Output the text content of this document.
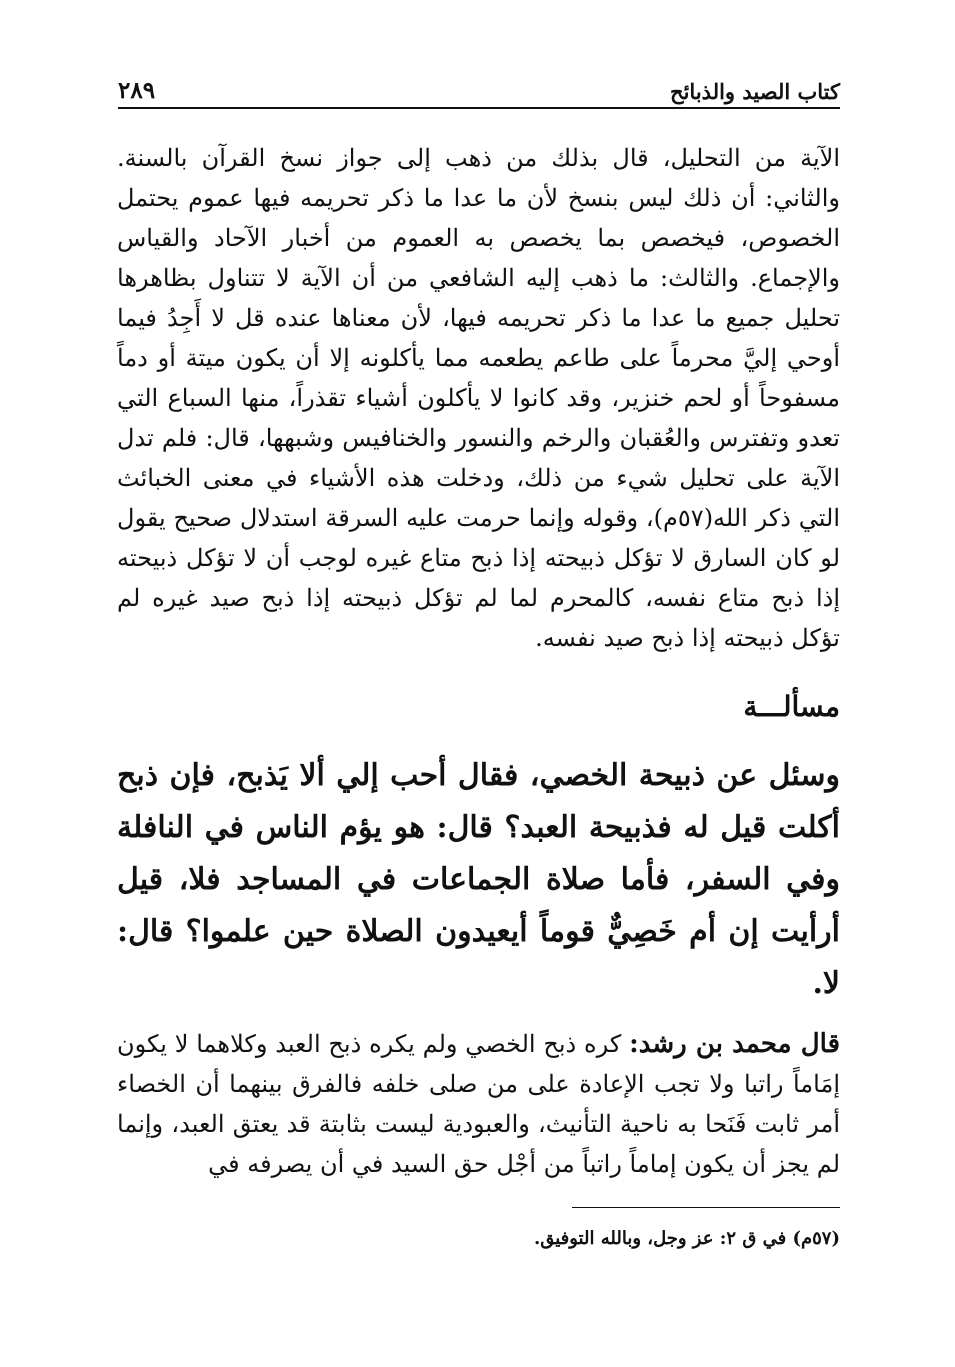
كتاب الصيد والذبائح
٢٨٩

الآية من التحليل، قال بذلك من ذهب إلى جواز نسخ القرآن بالسنة. والثاني: أن ذلك ليس بنسخ لأن ما عدا ما ذكر تحريمه فيها عموم يحتمل الخصوص، فيخصص بما يخصص به العموم من أخبار الآحاد والقياس والإجماع. والثالث: ما ذهب إليه الشافعي من أن الآية لا تتناول بظاهرها تحليل جميع ما عدا ما ذكر تحريمه فيها، لأن معناها عنده قل لا أَجِدُ فيما أوحي إليَّ محرماً على طاعم يطعمه مما يأكلونه إلا أن يكون ميتة أو دماً مسفوحاً أو لحم خنزير، وقد كانوا لا يأكلون أشياء تقذراً، منها السباع التي تعدو وتفترس والعُقبان والرخم والنسور والخنافيس وشبهها، قال: فلم تدل الآية على تحليل شيء من ذلك، ودخلت هذه الأشياء في معنى الخبائث التي ذكر الله(٥٧م)، وقوله وإنما حرمت عليه السرقة استدلال صحيح يقول لو كان السارق لا تؤكل ذبيحته إذا ذبح متاع غيره لوجب أن لا تؤكل ذبيحته إذا ذبح متاع نفسه، كالمحرم لما لم تؤكل ذبيحته إذا ذبح صيد غيره لم تؤكل ذبيحته إذا ذبح صيد نفسه.

مسألـــة

وسئل عن ذبيحة الخصي، فقال أحب إلي ألا يَذبح، فإن ذبح أكلت قيل له فذبيحة العبد؟ قال: هو يؤم الناس في النافلة وفي السفر، فأما صلاة الجماعات في المساجد فلا، قيل أرأيت إن أم خَصِيٌّ قوماً أيعيدون الصلاة حين علموا؟ قال: لا.

قال محمد بن رشد: كره ذبح الخصي ولم يكره ذبح العبد وكلاهما لا يكون إمَاماً راتبا ولا تجب الإعادة على من صلى خلفه فالفرق بينهما أن الخصاء أمر ثابت فَنَحا به ناحية التأنيث، والعبودية ليست بثابتة قد يعتق العبد، وإنما لم يجز أن يكون إماماً راتباً من أجْل حق السيد في أن يصرفه في

(٥٧م) في ق ٢: عز وجل، وبالله التوفيق.
